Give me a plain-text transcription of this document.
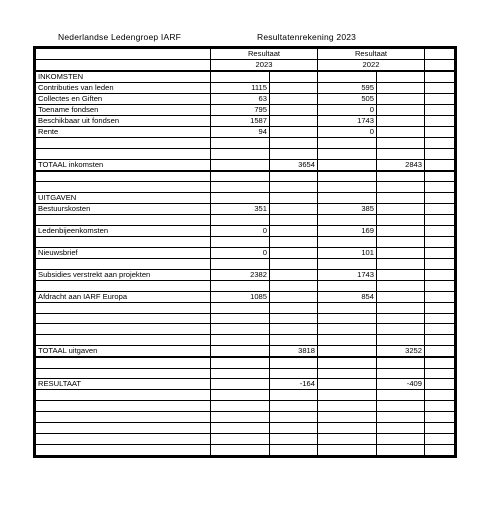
Nederlandse Ledengroep IARF	Resultatenrekening 2023
	Resultaat		Resultaat		
	2023		2022		
INKOMSTEN					
Contributies van leden	1115		595		
Collectes en Giften	63		505		
Toename fondsen	795		0		
Beschikbaar uit fondsen	1587		1743		
Rente	94		0		

TOTAAL inkomsten		3654		2843	

UITGAVEN					
Bestuurskosten	351		385		

Ledenbijeenkomsten	0		169		

Nieuwsbrief	0		101		

Subsidies verstrekt aan projekten	2382		1743		

Afdracht aan IARF Europa	1085		854		

TOTAAL uitgaven		3818		3252	

RESULTAAT		-164		-409	
